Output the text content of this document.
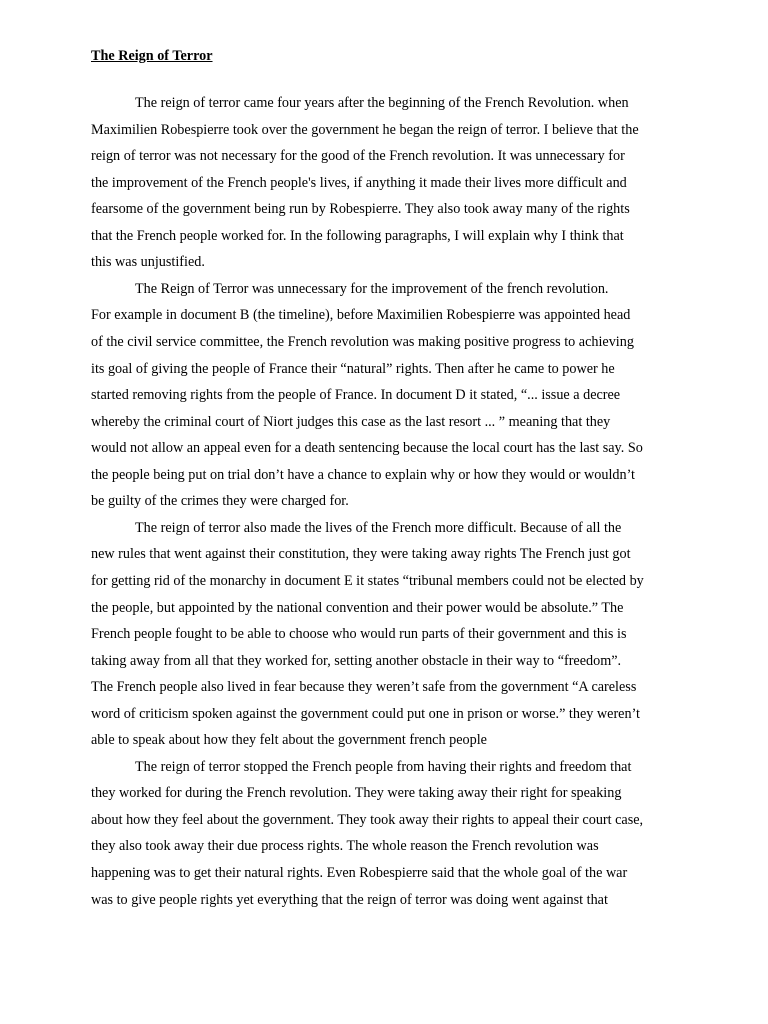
The Reign of Terror

The reign of terror came four years after the beginning of the French Revolution. when

Maximilien Robespierre took over the government he began the reign of terror. I believe that the

reign of terror was not necessary for the good of the French revolution. It was unnecessary for

the improvement of the French people's lives, if anything it made their lives more difficult and

fearsome of the government being run by Robespierre. They also took away many of the rights

that the French people worked for. In the following paragraphs, I will explain why I think that

this was unjustified.

The Reign of Terror was unnecessary for the improvement of the french revolution.

For example in document B (the timeline), before Maximilien Robespierre was appointed head

of the civil service committee, the French revolution was making positive progress to achieving

its goal of giving the people of France their “natural” rights. Then after he came to power he

started removing rights from the people of France. In document D it stated, “... issue a decree

whereby the criminal court of Niort judges this case as the last resort ... ” meaning that they

would not allow an appeal even for a death sentencing because the local court has the last say. So

the people being put on trial don’t have a chance to explain why or how they would or wouldn’t

be guilty of the crimes they were charged for.

The reign of terror also made the lives of the French more difficult. Because of all the

new rules that went against their constitution, they were taking away rights The French just got

for getting rid of the monarchy in document E it states “tribunal members could not be elected by

the people, but appointed by the national convention and their power would be absolute.” The

French people fought to be able to choose who would run parts of their government and this is

taking away from all that they worked for, setting another obstacle in their way to “freedom”.

The French people also lived in fear because they weren’t safe from the government “A careless

word of criticism spoken against the government could put one in prison or worse.” they weren’t

able to speak about how they felt about the government french people

The reign of terror stopped the French people from having their rights and freedom that

they worked for during the French revolution. They were taking away their right for speaking

about how they feel about the government. They took away their rights to appeal their court case,

they also took away their due process rights. The whole reason the French revolution was

happening was to get their natural rights. Even Robespierre said that the whole goal of the war

was to give people rights yet everything that the reign of terror was doing went against that
